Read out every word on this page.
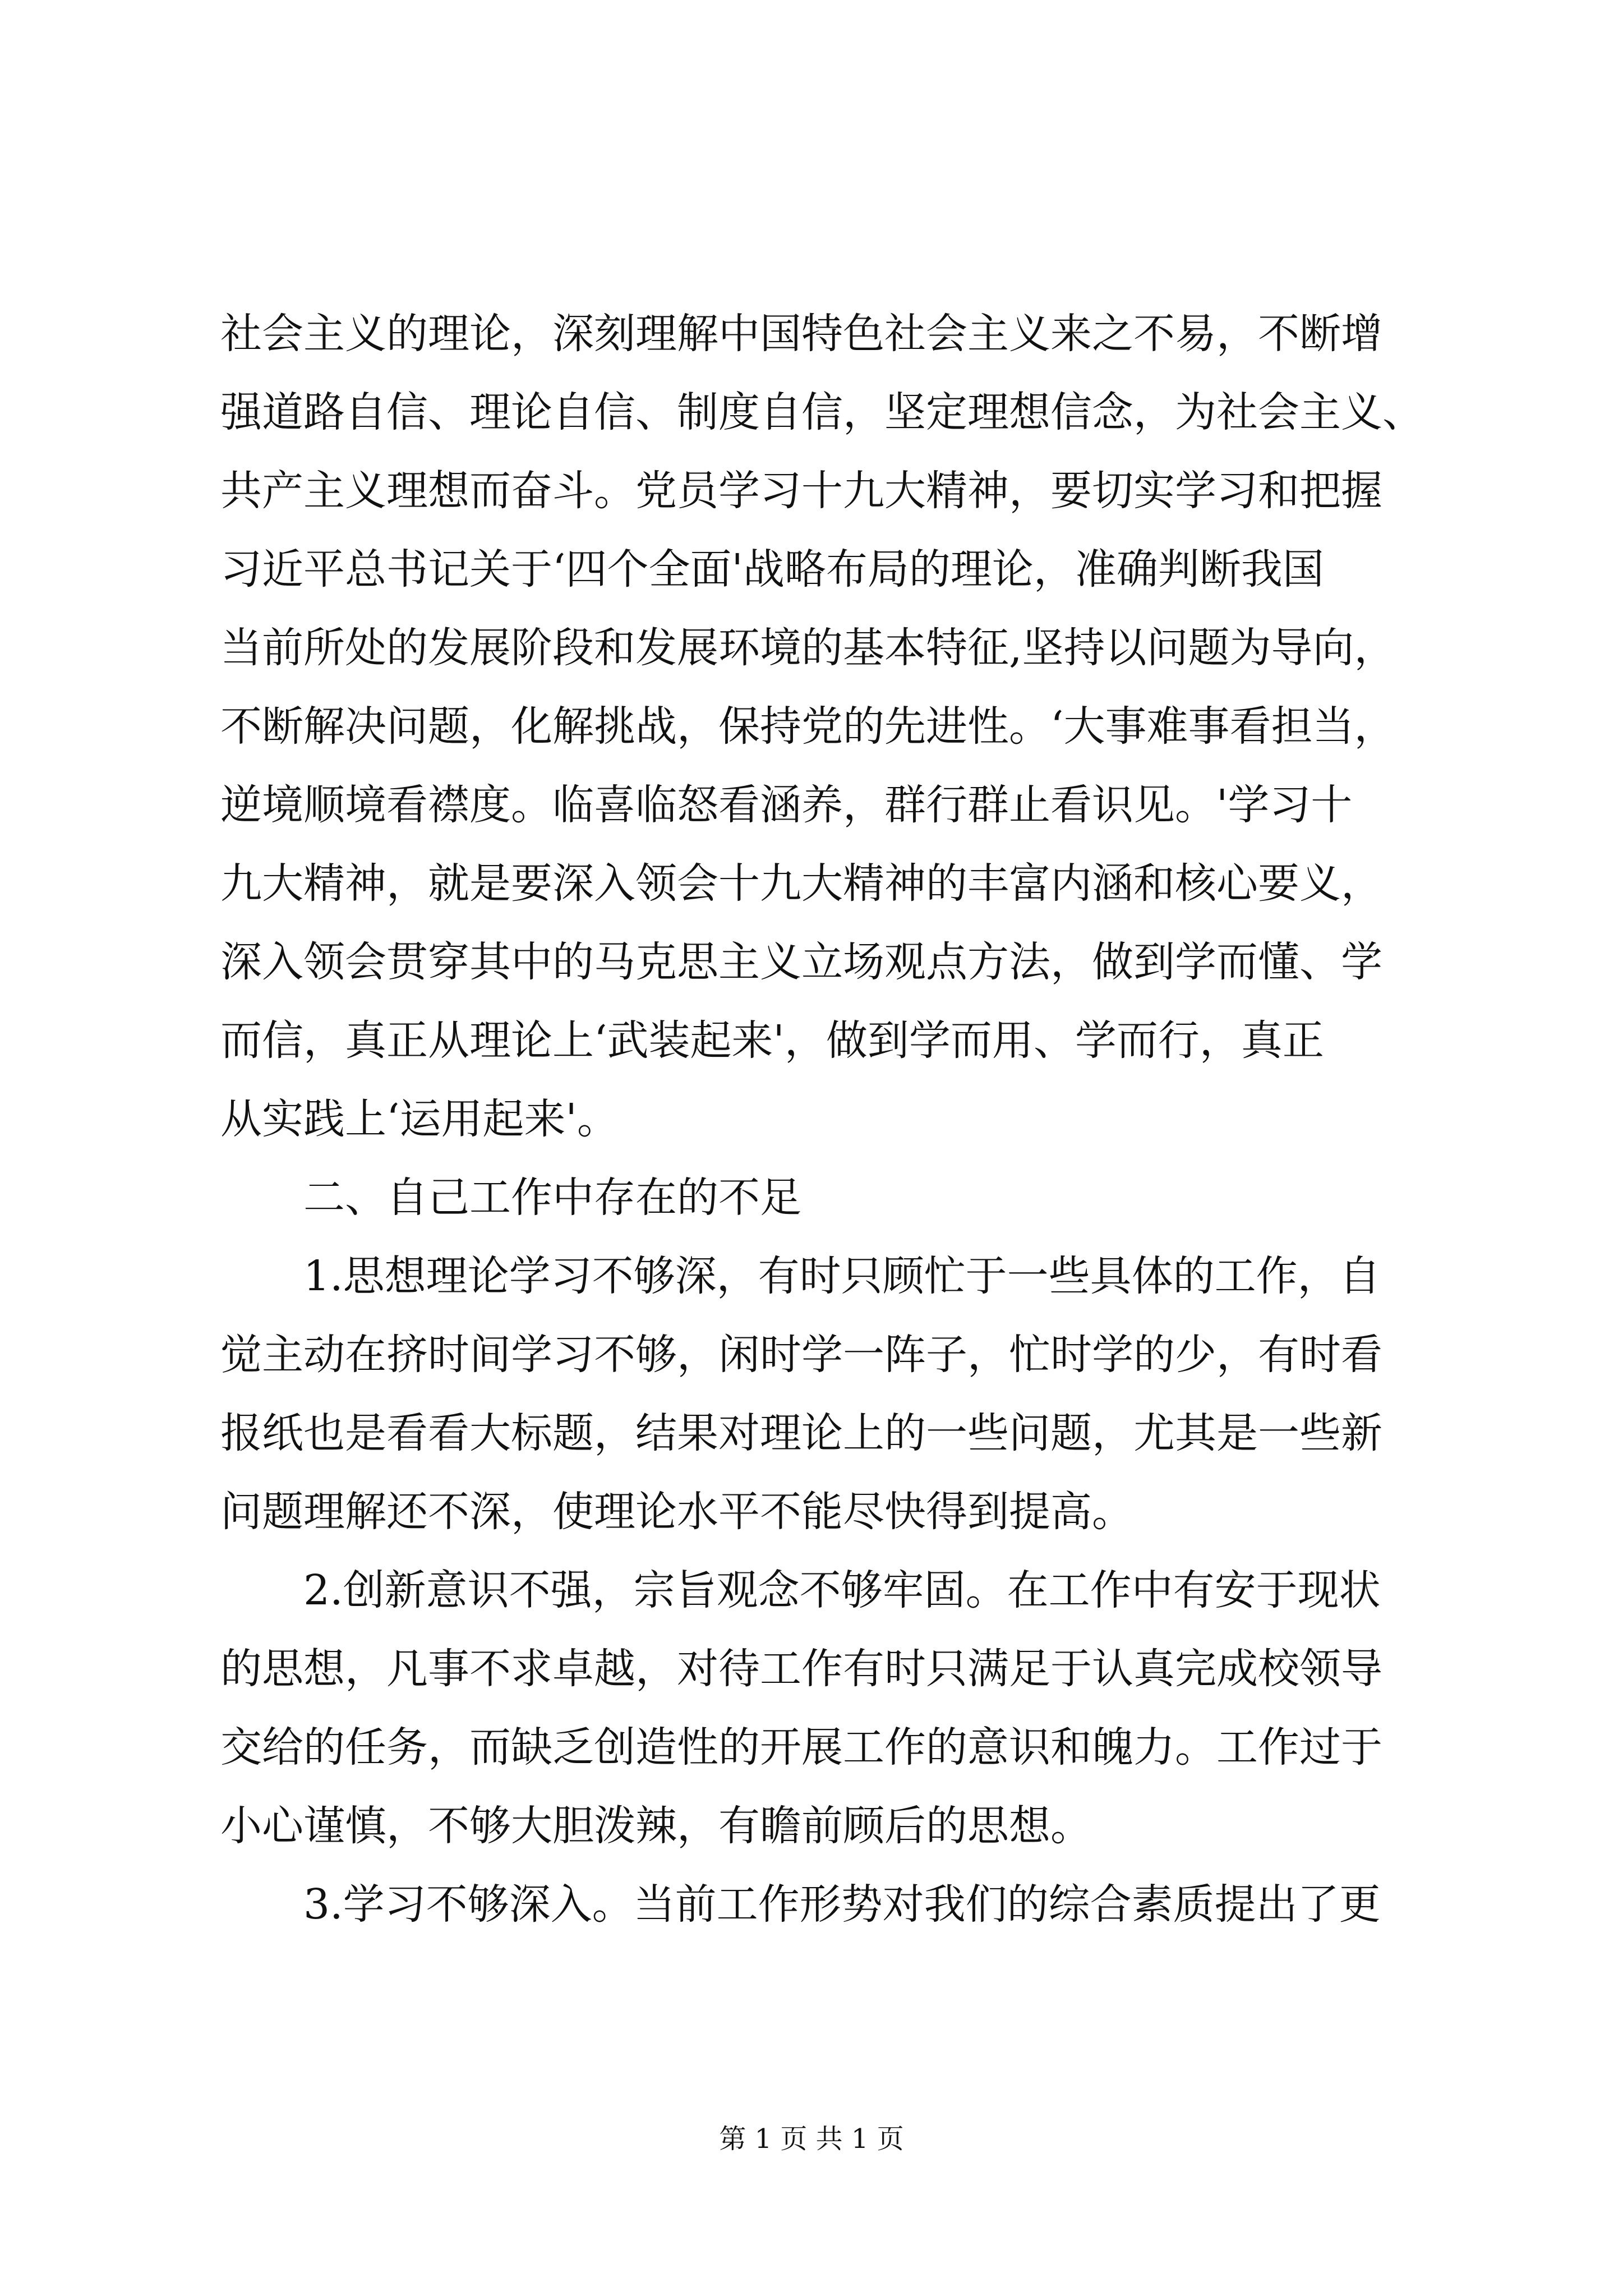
社会主义的理论，深刻理解中国特色社会主义来之不易，不断增
强道路自信、理论自信、制度自信，坚定理想信念，为社会主义、
共产主义理想而奋斗。党员学习十九大精神，要切实学习和把握
习近平总书记关于‘四个全面'战略布局的理论，准确判断我国
当前所处的发展阶段和发展环境的基本特征,坚持以问题为导向，
不断解决问题，化解挑战，保持党的先进性。‘大事难事看担当，
逆境顺境看襟度。临喜临怒看涵养，群行群止看识见。'学习十
九大精神，就是要深入领会十九大精神的丰富内涵和核心要义，
深入领会贯穿其中的马克思主义立场观点方法，做到学而懂、学
而信，真正从理论上‘武装起来'，做到学而用、学而行，真正
从实践上‘运用起来'。
二、自己工作中存在的不足
1.思想理论学习不够深，有时只顾忙于一些具体的工作，自
觉主动在挤时间学习不够，闲时学一阵子，忙时学的少，有时看
报纸也是看看大标题，结果对理论上的一些问题，尤其是一些新
问题理解还不深，使理论水平不能尽快得到提高。
2.创新意识不强，宗旨观念不够牢固。在工作中有安于现状
的思想，凡事不求卓越，对待工作有时只满足于认真完成校领导
交给的任务，而缺乏创造性的开展工作的意识和魄力。工作过于
小心谨慎，不够大胆泼辣，有瞻前顾后的思想。
3.学习不够深入。当前工作形势对我们的综合素质提出了更
第 1 页 共 1 页
